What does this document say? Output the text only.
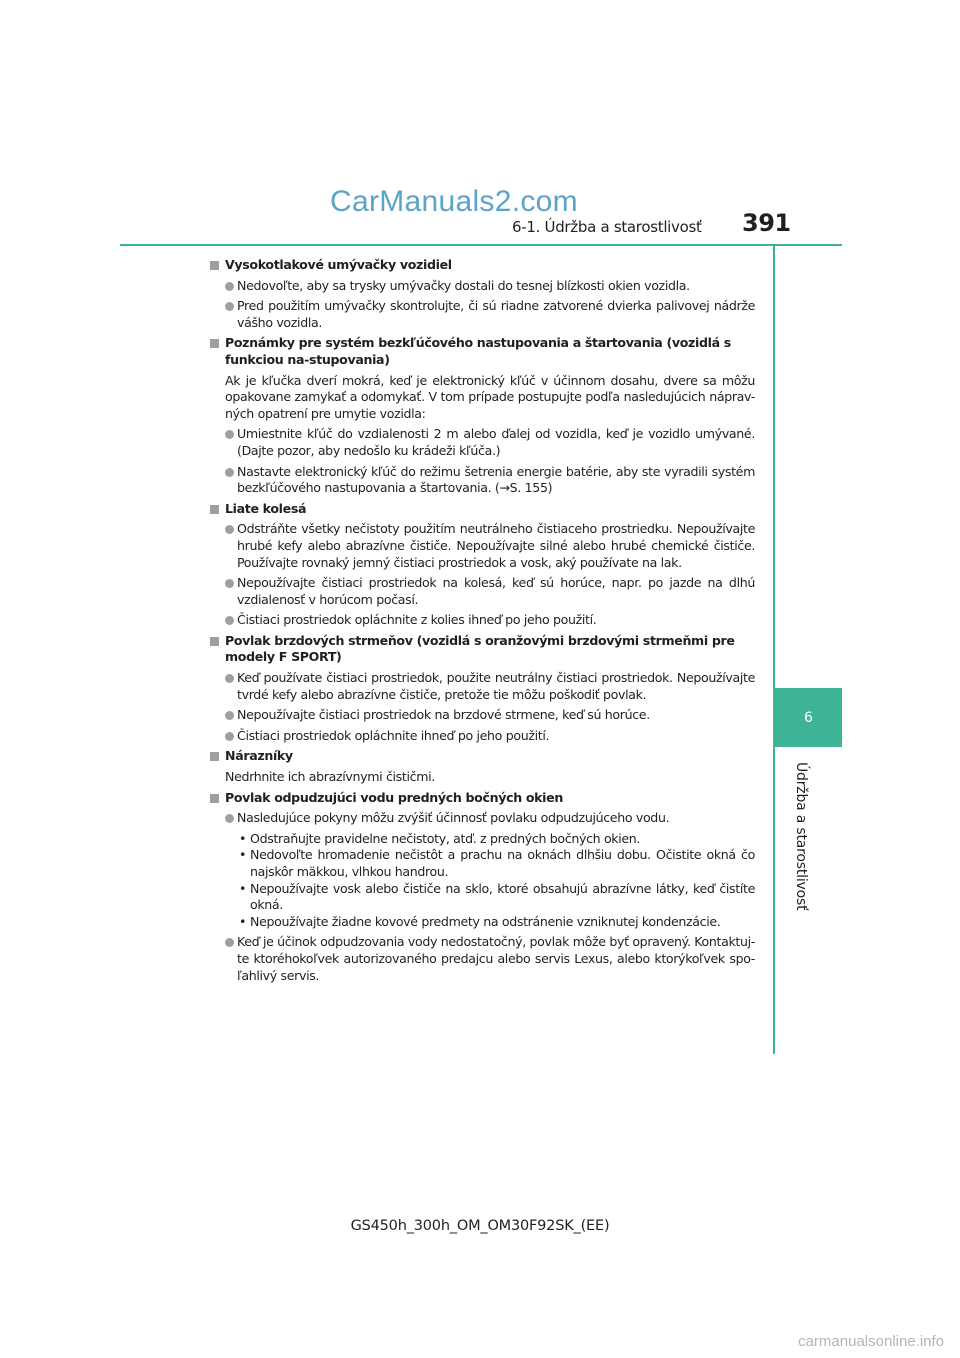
CarManuals2.com
6-1. Údržba a starostlivosť 391
6
Údržba a starostlivosť
Vysokotlakové umývačky vozidiel
Nedovoľte, aby sa trysky umývačky dostali do tesnej blízkosti okien vozidla.
Pred použitím umývačky skontrolujte, či sú riadne zatvorené dvierka palivovej nádrže vášho vozidla.
Poznámky pre systém bezkľúčového nastupovania a štartovania (vozidlá s funkciou na-stupovania)
Ak je kľučka dverí mokrá, keď je elektronický kľúč v účinnom dosahu, dvere sa môžu opakovane zamykať a odomykať. V tom prípade postupujte podľa nasledujúcich náprav-ných opatrení pre umytie vozidla:
Umiestnite kľúč do vzdialenosti 2 m alebo ďalej od vozidla, keď je vozidlo umývané. (Dajte pozor, aby nedošlo ku krádeži kľúča.)
Nastavte elektronický kľúč do režimu šetrenia energie batérie, aby ste vyradili systém bezkľúčového nastupovania a štartovania. (→S. 155)
Liate kolesá
Odstráňte všetky nečistoty použitím neutrálneho čistiaceho prostriedku. Nepoužívajte hrubé kefy alebo abrazívne čističe. Nepoužívajte silné alebo hrubé chemické čističe. Používajte rovnaký jemný čistiaci prostriedok a vosk, aký používate na lak.
Nepoužívajte čistiaci prostriedok na kolesá, keď sú horúce, napr. po jazde na dlhú vzdialenosť v horúcom počasí.
Čistiaci prostriedok opláchnite z kolies ihneď po jeho použití.
Povlak brzdových strmeňov (vozidlá s oranžovými brzdovými strmeňmi pre modely F SPORT)
Keď používate čistiaci prostriedok, použite neutrálny čistiaci prostriedok. Nepoužívajte tvrdé kefy alebo abrazívne čističe, pretože tie môžu poškodiť povlak.
Nepoužívajte čistiaci prostriedok na brzdové strmene, keď sú horúce.
Čistiaci prostriedok opláchnite ihneď po jeho použití.
Nárazníky
Nedrhnite ich abrazívnymi čističmi.
Povlak odpudzujúci vodu predných bočných okien
Nasledujúce pokyny môžu zvýšiť účinnosť povlaku odpudzujúceho vodu.
• Odstraňujte pravidelne nečistoty, atď. z predných bočných okien.
• Nedovoľte hromadenie nečistôt a prachu na oknách dlhšiu dobu. Očistite okná čo najskôr mäkkou, vlhkou handrou.
• Nepoužívajte vosk alebo čističe na sklo, ktoré obsahujú abrazívne látky, keď čistíte okná.
• Nepoužívajte žiadne kovové predmety na odstránenie vzniknutej kondenzácie.
Keď je účinok odpudzovania vody nedostatočný, povlak môže byť opravený. Kontaktuj-te ktoréhokoľvek autorizovaného predajcu alebo servis Lexus, alebo ktorýkoľvek spo-ľahlivý servis.
GS450h_300h_OM_OM30F92SK_(EE)
carmanualsonline.info
